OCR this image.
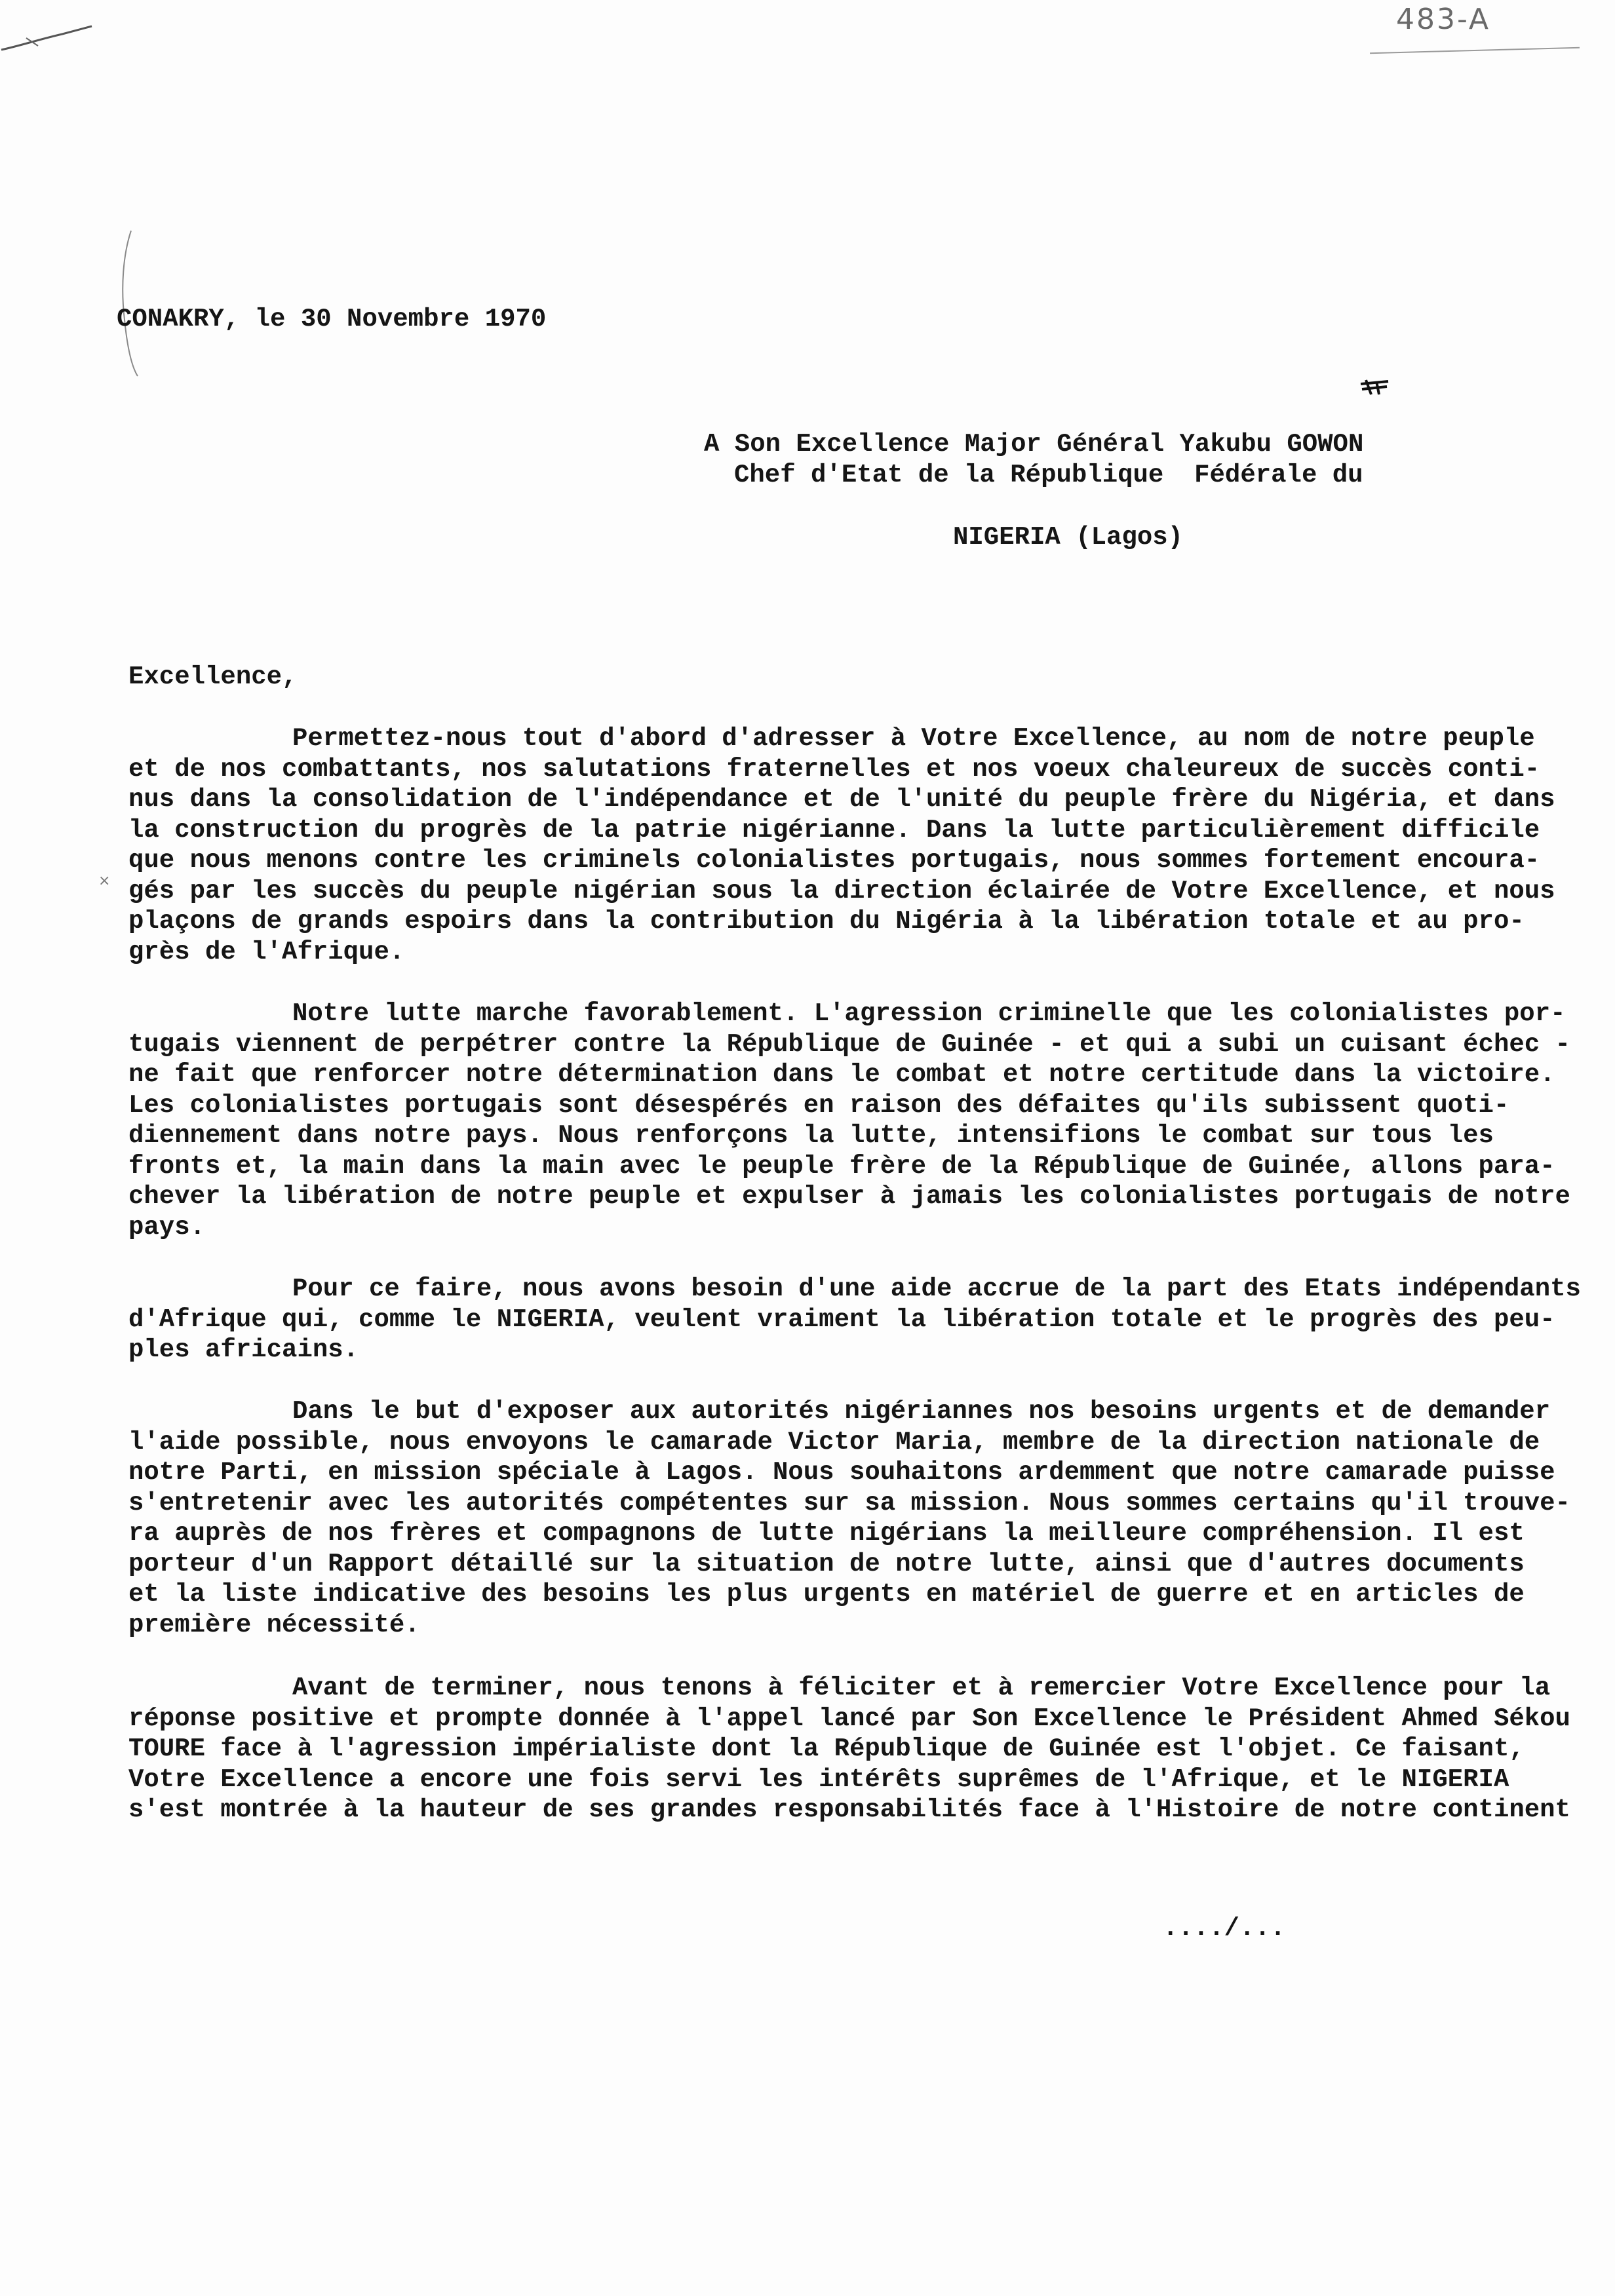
483-A
CONAKRY, le 30 Novembre 1970
A Son Excellence Major Général Yakubu GOWON
Chef d'Etat de la République  Fédérale du
NIGERIA (Lagos)
Excellence,
×
Permettez-nous tout d'abord d'adresser à Votre Excellence, au nom de notre peuple
et de nos combattants, nos salutations fraternelles et nos voeux chaleureux de succès conti-
nus dans la consolidation de l'indépendance et de l'unité du peuple frère du Nigéria, et dans
la construction du progrès de la patrie nigérianne. Dans la lutte particulièrement difficile
que nous menons contre les criminels colonialistes portugais, nous sommes fortement encoura-
gés par les succès du peuple nigérian sous la direction éclairée de Votre Excellence, et nous
plaçons de grands espoirs dans la contribution du Nigéria à la libération totale et au pro-
grès de l'Afrique.
Notre lutte marche favorablement. L'agression criminelle que les colonialistes por-
tugais viennent de perpétrer contre la République de Guinée - et qui a subi un cuisant échec -
ne fait que renforcer notre détermination dans le combat et notre certitude dans la victoire.
Les colonialistes portugais sont désespérés en raison des défaites qu'ils subissent quoti-
diennement dans notre pays. Nous renforçons la lutte, intensifions le combat sur tous les
fronts et, la main dans la main avec le peuple frère de la République de Guinée, allons para-
chever la libération de notre peuple et expulser à jamais les colonialistes portugais de notre
pays.
Pour ce faire, nous avons besoin d'une aide accrue de la part des Etats indépendants
d'Afrique qui, comme le NIGERIA, veulent vraiment la libération totale et le progrès des peu-
ples africains.
Dans le but d'exposer aux autorités nigériannes nos besoins urgents et de demander
l'aide possible, nous envoyons le camarade Victor Maria, membre de la direction nationale de
notre Parti, en mission spéciale à Lagos. Nous souhaitons ardemment que notre camarade puisse
s'entretenir avec les autorités compétentes sur sa mission. Nous sommes certains qu'il trouve-
ra auprès de nos frères et compagnons de lutte nigérians la meilleure compréhension. Il est
porteur d'un Rapport détaillé sur la situation de notre lutte, ainsi que d'autres documents
et la liste indicative des besoins les plus urgents en matériel de guerre et en articles de
première nécessité.
Avant de terminer, nous tenons à féliciter et à remercier Votre Excellence pour la
réponse positive et prompte donnée à l'appel lancé par Son Excellence le Président Ahmed Sékou
TOURE face à l'agression impérialiste dont la République de Guinée est l'objet. Ce faisant,
Votre Excellence a encore une fois servi les intérêts suprêmes de l'Afrique, et le NIGERIA
s'est montrée à la hauteur de ses grandes responsabilités face à l'Histoire de notre continent
..../...
